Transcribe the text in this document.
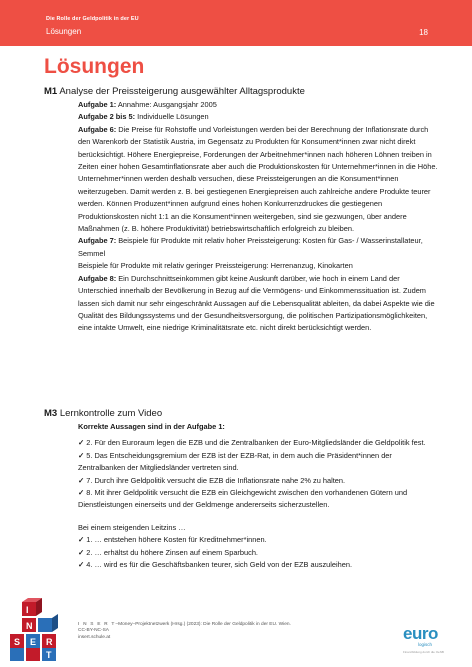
Die Rolle der Geldpolitik in der EU
Lösungen	18
Lösungen
M1 Analyse der Preissteigerung ausgewählter Alltagsprodukte

Aufgabe 1: Annahme: Ausgangsjahr 2005

Aufgabe 2 bis 5: Individuelle Lösungen

Aufgabe 6: Die Preise für Rohstoffe und Vorleistungen werden bei der Berechnung der Inflationsrate durch den Warenkorb der Statistik Austria, im Gegensatz zu Produkten für Konsument*innen zwar nicht direkt berücksichtigt. Höhere Energiepreise, Forderungen der Arbeitnehmer*innen nach höheren Löhnen treiben in Zeiten einer hohen Gesamtinflationsrate aber auch die Produktionskosten für Unternehmer*innen in die Höhe. Unternehmer*innen werden deshalb versuchen, diese Preissteigerungen an die Konsument*innen weiterzugeben. Damit werden z. B. bei gestiegenen Energiepreisen auch zahlreiche andere Produkte teurer werden. Können Produzent*innen aufgrund eines hohen Konkurrenzdruckes die gestiegenen Produktionskosten nicht 1:1 an die Konsument*innen weitergeben, sind sie gezwungen, über andere Maßnahmen (z. B. höhere Produktivität) betriebswirtschaftlich erfolgreich zu bleiben.

Aufgabe 7: Beispiele für Produkte mit relativ hoher Preissteigerung: Kosten für Gas- / Wasserinstallateur, Semmel

Beispiele für Produkte mit relativ geringer Preissteigerung: Herrenanzug, Kinokarten

Aufgabe 8: Ein Durchschnittseinkommen gibt keine Auskunft darüber, wie hoch in einem Land der Unterschied innerhalb der Bevölkerung in Bezug auf die Vermögens- und Einkommenssituation ist. Zudem lassen sich damit nur sehr eingeschränkt Aussagen auf die Lebensqualität ableiten, da dabei Aspekte wie die Qualität des Bildungssystems und der Gesundheitsversorgung, die politischen Partizipationsmöglichkeiten, eine intakte Umwelt, eine niedrige Kriminalitätsrate etc. nicht direkt berücksichtigt werden.

M3 Lernkontrolle zum Video

Korrekte Aussagen sind in der Aufgabe 1:

✓ 2. Für den Euroraum legen die EZB und die Zentralbanken der Euro-Mitgliedsländer die Geldpolitik fest.
✓ 5. Das Entscheidungsgremium der EZB ist der EZB-Rat, in dem auch die Präsident*innen der Zentralbanken der Mitgliedsländer vertreten sind.
✓ 7. Durch ihre Geldpolitik versucht die EZB die Inflationsrate nahe 2% zu halten.
✓ 8. Mit ihrer Geldpolitik versucht die EZB ein Gleichgewicht zwischen den vorhandenen Gütern und Dienstleistungen einerseits und der Geldmenge andererseits sicherzustellen.

Bei einem steigenden Leitzins …

✓ 1. … entstehen höhere Kosten für Kreditnehmer*innen.
✓ 2. … erhältst du höhere Zinsen auf einem Sparbuch.
✓ 4. … wird es für die Geschäftsbanken teurer, sich Geld von der EZB auszuleihen.
I
N
S E R
T
I N S E R T–Money–Projektnetzwerk (Hrsg.) (2023): Die Rolle der Geldpolitik in der EU. Wien.
CC-BY-NC-SA
insert.schule.at	euro
logisch
Finanzbildung durch die OeNB
